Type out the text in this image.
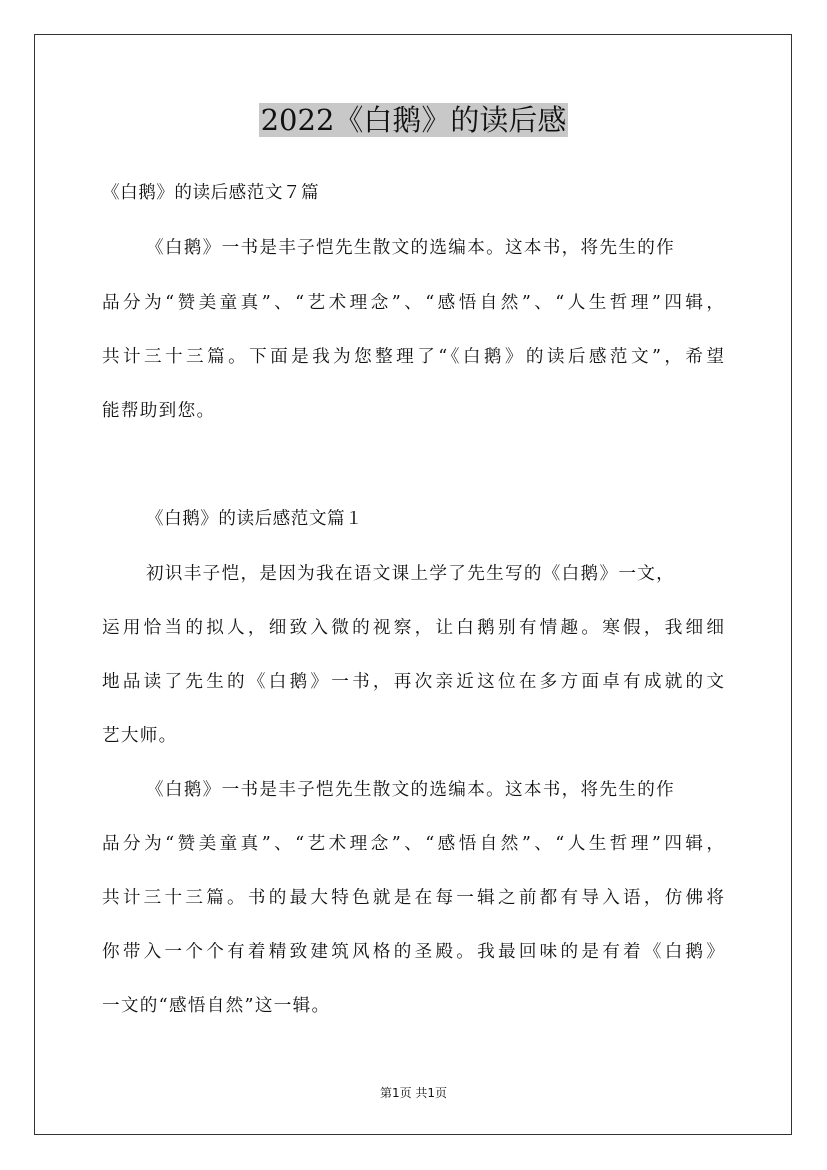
2022《白鹅》的读后感
《白鹅》的读后感范文７篇
《白鹅》一书是丰子恺先生散文的选编本。这本书，将先生的作
品分为“赞美童真”、“艺术理念”、“感悟自然”、“人生哲理”四辑，
共计三十三篇。下面是我为您整理了“《白鹅》的读后感范文”，希望
能帮助到您。
《白鹅》的读后感范文篇１
初识丰子恺，是因为我在语文课上学了先生写的《白鹅》一文，
运用恰当的拟人，细致入微的视察，让白鹅别有情趣。寒假，我细细
地品读了先生的《白鹅》一书，再次亲近这位在多方面卓有成就的文
艺大师。
《白鹅》一书是丰子恺先生散文的选编本。这本书，将先生的作
品分为“赞美童真”、“艺术理念”、“感悟自然”、“人生哲理”四辑，
共计三十三篇。书的最大特色就是在每一辑之前都有导入语，仿佛将
你带入一个个有着精致建筑风格的圣殿。我最回味的是有着《白鹅》
一文的“感悟自然”这一辑。
第1页 共1页
